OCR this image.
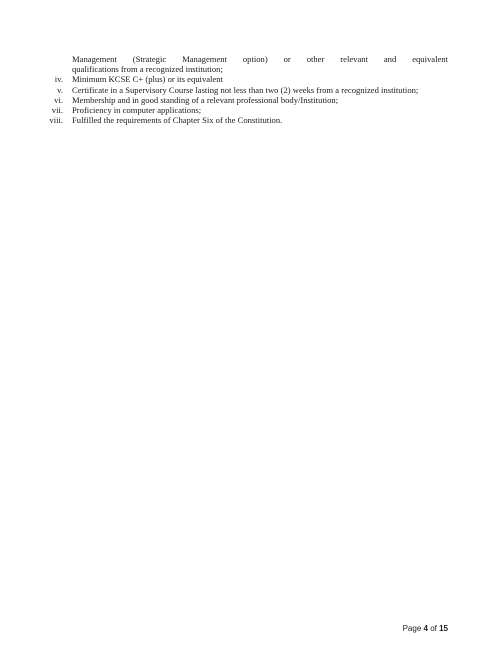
Management (Strategic Management option) or other relevant and equivalent
qualifications from a recognized institution;
iv.	Minimum KCSE C+ (plus) or its equivalent
v.	Certificate in a Supervisory Course lasting not less than two (2) weeks from a recognized institution;
vi.	Membership and in good standing of a relevant professional body/Institution;
vii.	Proficiency in computer applications;
viii.	Fulfilled the requirements of Chapter Six of the Constitution.
Page 4 of 15
